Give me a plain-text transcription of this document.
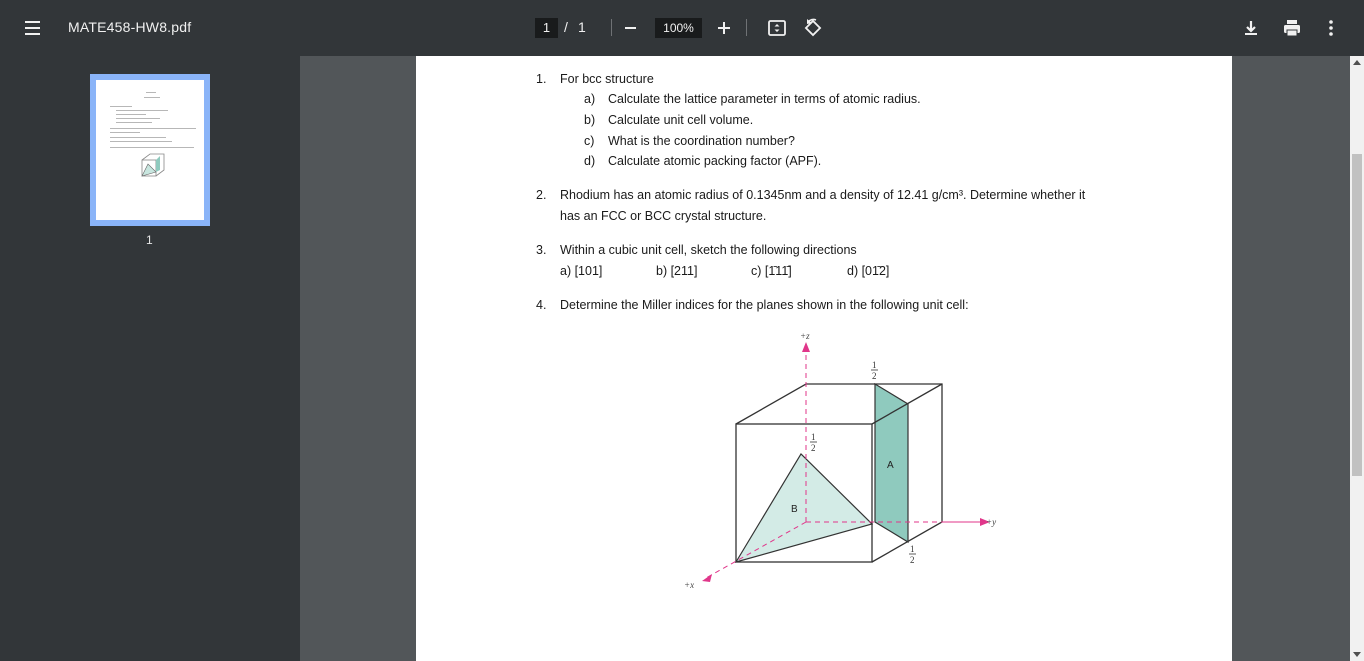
MATE458-HW8.pdf	1 / 1	100%
1
1.	For bcc structure
a) Calculate the lattice parameter in terms of atomic radius.
b) Calculate unit cell volume.
c) What is the coordination number?
d) Calculate atomic packing factor (APF).
2.	Rhodium has an atomic radius of 0.1345nm and a density of 12.41 g/cm³. Determine whether it
has an FCC or BCC crystal structure.
3.	Within a cubic unit cell, sketch the following directions
a) [101]	b) [211]	c) [1̄11̄]	d) [01̄2]
4.	Determine the Miller indices for the planes shown in the following unit cell:
+z
+y
+x
A
B
1
2
1
2
1
2
